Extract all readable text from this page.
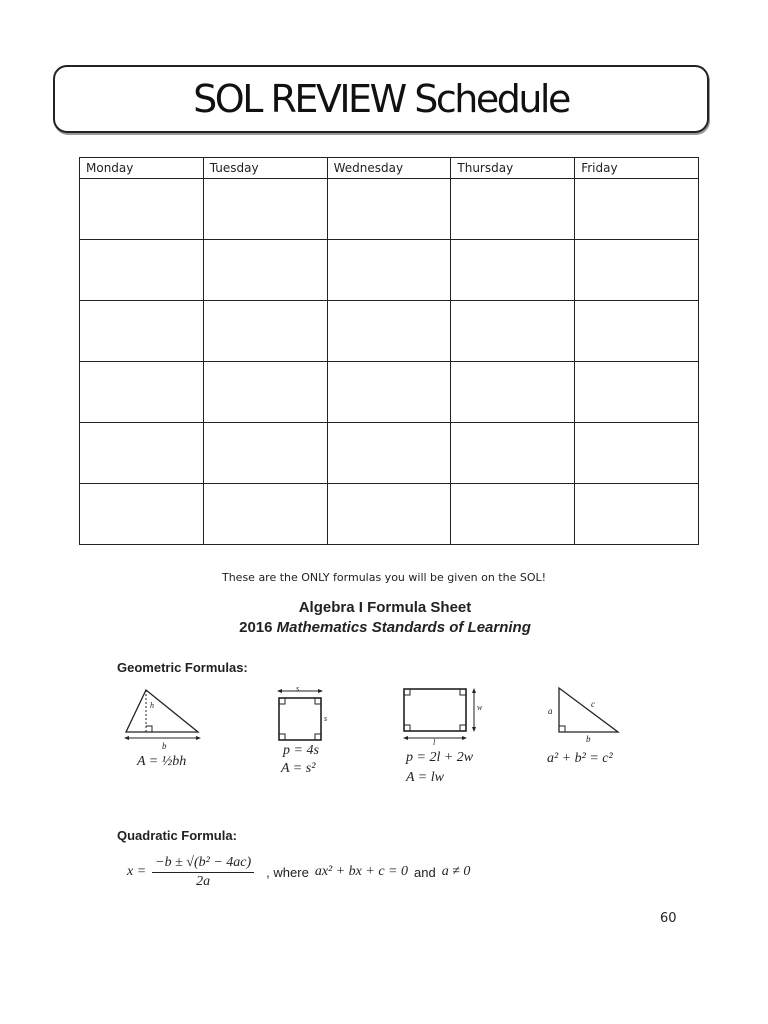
SOL REVIEW Schedule
Monday	Tuesday	Wednesday	Thursday	Friday

These are the ONLY formulas you will be given on the SOL!
Algebra I Formula Sheet
2016 Mathematics Standards of Learning
Geometric Formulas:
h
b
A = ½bh
s
s
p = 4s
A = s²
w
l
p = 2l + 2w
A = lw
a
c
b
a² + b² = c²
Quadratic Formula:
$x = \frac{\text{−b ± √(b² − 4ac)}}{2a}$ , where ax² + bx + c = 0 and a ≠ 0
60
